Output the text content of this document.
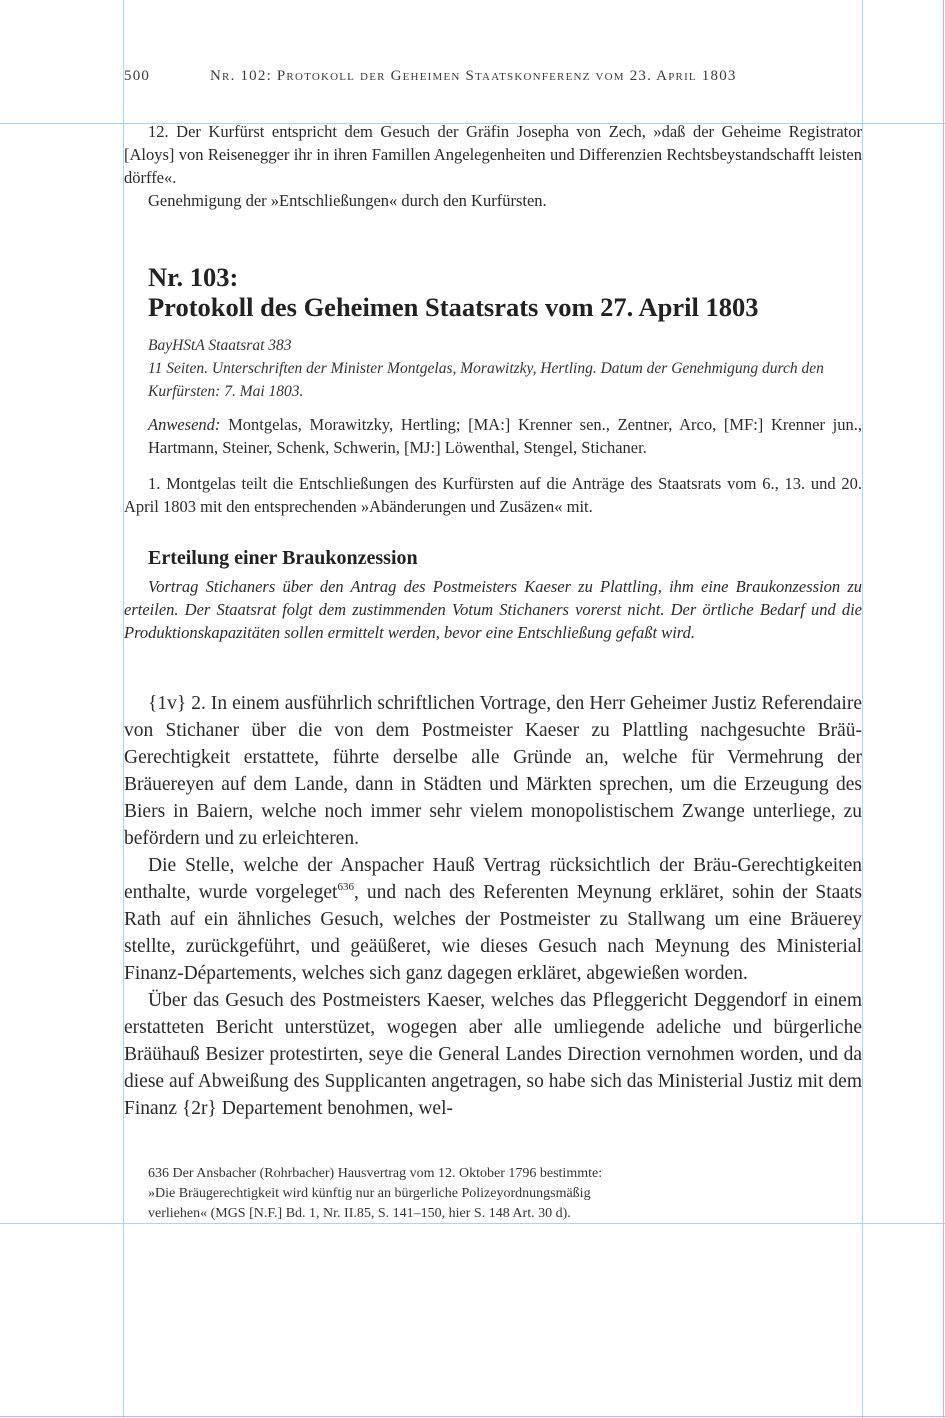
500	Nr. 102: Protokoll der Geheimen Staatskonferenz vom 23. April 1803

12. Der Kurfürst entspricht dem Gesuch der Gräfin Josepha von Zech, »daß der Geheime Registrator [Aloys] von Reisenegger ihr in ihren Famillen Angelegenheiten und Differenzien Rechtsbeystandschafft leisten dörffe«.

Genehmigung der »Entschließungen« durch den Kurfürsten.

Nr. 103:
Protokoll des Geheimen Staatsrats vom 27. April 1803
BayHStA Staatsrat 383
11 Seiten. Unterschriften der Minister Montgelas, Morawitzky, Hertling. Datum der Genehmigung durch den Kurfürsten: 7. Mai 1803.
Anwesend: Montgelas, Morawitzky, Hertling; [MA:] Krenner sen., Zentner, Arco, [MF:] Krenner jun., Hartmann, Steiner, Schenk, Schwerin, [MJ:] Löwenthal, Stengel, Stichaner.

1. Montgelas teilt die Entschließungen des Kurfürsten auf die Anträge des Staatsrats vom 6., 13. und 20. April 1803 mit den entsprechenden »Abänderungen und Zusäzen« mit.

Erteilung einer Braukonzession
Vortrag Stichaners über den Antrag des Postmeisters Kaeser zu Plattling, ihm eine Braukonzession zu erteilen. Der Staatsrat folgt dem zustimmenden Votum Stichaners vorerst nicht. Der örtliche Bedarf und die Produktionskapazitäten sollen ermittelt werden, bevor eine Entschließung gefaßt wird.

{1v} 2. In einem ausführlich schriftlichen Vortrage, den Herr Geheimer Justiz Referendaire von Stichaner über die von dem Postmeister Kaeser zu Plattling nachgesuchte Bräü-Gerechtigkeit erstattete, führte derselbe alle Gründe an, welche für Vermehrung der Bräuereyen auf dem Lande, dann in Städten und Märkten sprechen, um die Erzeugung des Biers in Baiern, welche noch immer sehr vielem monopolistischem Zwange unterliege, zu befördern und zu erleichteren.

Die Stelle, welche der Anspacher Hauß Vertrag rücksichtlich der Bräu-Gerechtigkeiten enthalte, wurde vorgeleget$^{636}$, und nach des Referenten Meynung erkläret, sohin der Staats Rath auf ein ähnliches Gesuch, welches der Postmeister zu Stallwang um eine Bräuerey stellte, zurückgeführt, und geäüßeret, wie dieses Gesuch nach Meynung des Ministerial Finanz-Départements, welches sich ganz dagegen erkläret, abgewießen worden.

Über das Gesuch des Postmeisters Kaeser, welches das Pfleggericht Deggendorf in einem erstatteten Bericht unterstüzet, wogegen aber alle umliegende adeliche und bürgerliche Bräühauß Besizer protestirten, seye die General Landes Direction vernohmen worden, und da diese auf Abweißung des Supplicanten angetragen, so habe sich das Ministerial Justiz mit dem Finanz {2r} Departement benohmen, wel-

636 Der Ansbacher (Rohrbacher) Hausvertrag vom 12. Oktober 1796 bestimmte:
»Die Bräugerechtigkeit wird künftig nur an bürgerliche Polizeyordnungsmäßig
verliehen« (MGS [N.F.] Bd. 1, Nr. II.85, S. 141–150, hier S. 148 Art. 30 d).
